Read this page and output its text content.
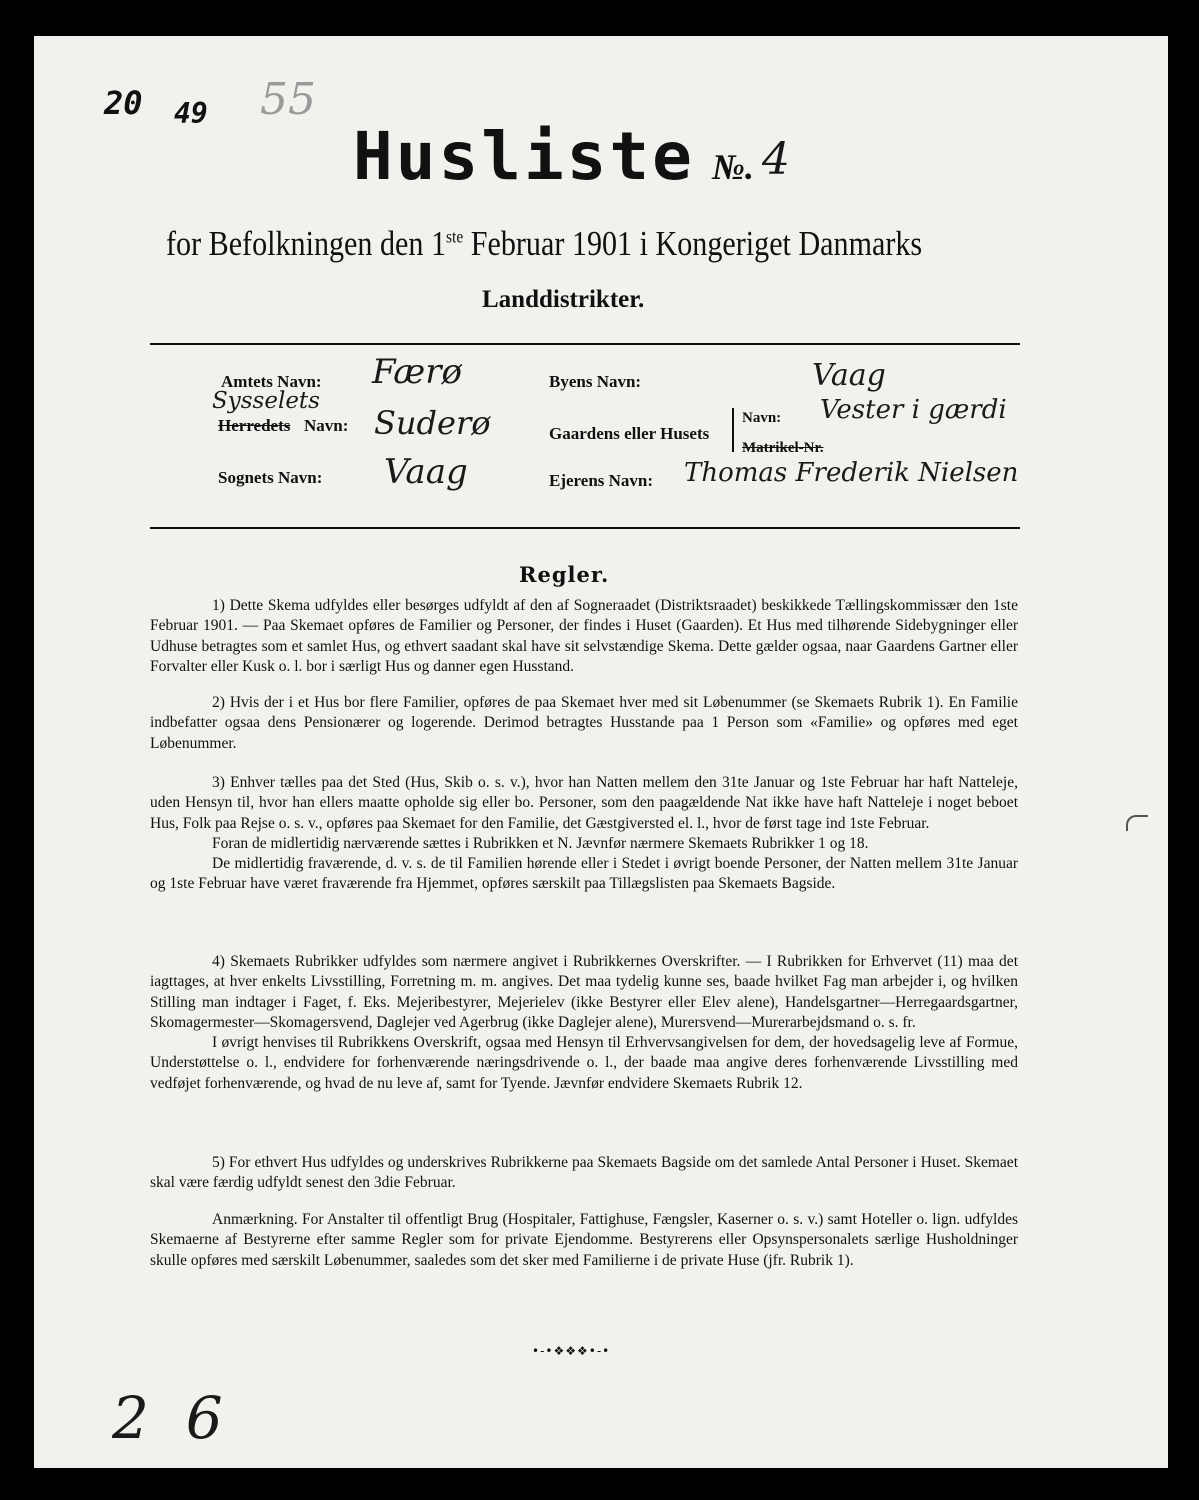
20 49 55
Husliste №. 4
for Befolkningen den 1ste Februar 1901 i Kongeriget Danmarks
Landdistrikter.
Amtets Navn: Færø
Sysselets
Herredets Navn: Suderø
Sognets Navn: Vaag
Byens Navn:	Vaag
Gaardens eller Husets
Navn: Vester i gærdi
Matrikel-Nr.
Ejerens Navn: Thomas Frederik Nielsen
Regler.

1) Dette Skema udfyldes eller besørges udfyldt af den af Sogneraadet (Distriktsraadet) beskikkede Tællingskommissær den 1ste Februar 1901. — Paa Skemaet opføres de Familier og Personer, der findes i Huset (Gaarden). Et Hus med tilhørende Sidebygninger eller Udhuse betragtes som et samlet Hus, og ethvert saadant skal have sit selvstændige Skema. Dette gælder ogsaa, naar Gaardens Gartner eller Forvalter eller Kusk o. l. bor i særligt Hus og danner egen Husstand.

2) Hvis der i et Hus bor flere Familier, opføres de paa Skemaet hver med sit Løbenummer (se Skemaets Rubrik 1). En Familie indbefatter ogsaa dens Pensionærer og logerende. Derimod betragtes Husstande paa 1 Person som «Familie» og opføres med eget Løbenummer.

3) Enhver tælles paa det Sted (Hus, Skib o. s. v.), hvor han Natten mellem den 31te Januar og 1ste Februar har haft Natteleje, uden Hensyn til, hvor han ellers maatte opholde sig eller bo. Personer, som den paagældende Nat ikke have haft Natteleje i noget beboet Hus, Folk paa Rejse o. s. v., opføres paa Skemaet for den Familie, det Gæstgiversted el. l., hvor de først tage ind 1ste Februar.

Foran de midlertidig nærværende sættes i Rubrikken et N. Jævnfør nærmere Skemaets Rubrikker 1 og 18.

De midlertidig fraværende, d. v. s. de til Familien hørende eller i Stedet i øvrigt boende Personer, der Natten mellem 31te Januar og 1ste Februar have været fraværende fra Hjemmet, opføres særskilt paa Tillægslisten paa Skemaets Bagside.

4) Skemaets Rubrikker udfyldes som nærmere angivet i Rubrikkernes Overskrifter. — I Rubrikken for Erhvervet (11) maa det iagttages, at hver enkelts Livsstilling, Forretning m. m. angives. Det maa tydelig kunne ses, baade hvilket Fag man arbejder i, og hvilken Stilling man indtager i Faget, f. Eks. Mejeribestyrer, Mejerielev (ikke Bestyrer eller Elev alene), Handelsgartner—Herregaardsgartner, Skomagermester—Skomagersvend, Daglejer ved Agerbrug (ikke Daglejer alene), Murersvend—Murerarbejdsmand o. s. fr.

I øvrigt henvises til Rubrikkens Overskrift, ogsaa med Hensyn til Erhvervsangivelsen for dem, der hovedsagelig leve af Formue, Understøttelse o. l., endvidere for forhenværende næringsdrivende o. l., der baade maa angive deres forhenværende Livsstilling med vedføjet forhenværende, og hvad de nu leve af, samt for Tyende. Jævnfør endvidere Skemaets Rubrik 12.

5) For ethvert Hus udfyldes og underskrives Rubrikkerne paa Skemaets Bagside om det samlede Antal Personer i Huset. Skemaet skal være færdig udfyldt senest den 3die Februar.

Anmærkning. For Anstalter til offentligt Brug (Hospitaler, Fattighuse, Fængsler, Kaserner o. s. v.) samt Hoteller o. lign. udfyldes Skemaerne af Bestyrerne efter samme Regler som for private Ejendomme. Bestyrerens eller Opsynspersonalets særlige Husholdninger skulle opføres med særskilt Løbenummer, saaledes som det sker med Familierne i de private Huse (jfr. Rubrik 1).

•-•❖❖❖•-•
2  6
